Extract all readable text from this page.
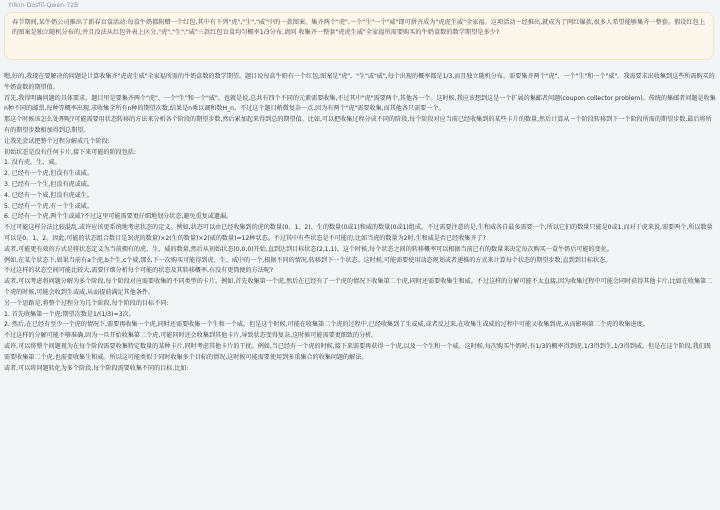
Yilkin-Dosfil-Qwen-72B
春节期间,某牛奶公司推出了新春盲盒活动:每盒牛奶都附赠一个红包,其中有下列"虎","生","威"中的一款图案。集齐两个"虎",一个"生"一个"威"即可拼齐成为"虎虎生威"全家福。这项活动一经推出,就成为了网红爆款,很多人希望能够集齐一整套。假设红包上的图案是独立随机分布的,并且没法从红包外表上区分,"虎","生","威"三款红包盲盒均匀概率1/3分布,请问 收集齐一整套"虎虎生威"全家福所需要购买的牛奶盒数的数学期望是多少?

嗯,好的,我现在要解决的问题是计算收集齐"虎虎生威"全家福所需的牛奶盒数的数学期望。题目说每盒牛奶有一个红包,图案是"虎"、"生"或"威",每个出现的概率都是1/3,而且独立随机分布。需要集齐两个"虎"、一个"生"和一个"威"。我需要求出收集到这些所需购买的牛奶盒数的期望值。

首先,我得明确问题的具体要求。题目里是要集齐两个"虎"、一个"生"和一个"威"。也就是说,总共有四个不同的元素需要收集,不过其中"虎"需要两个,其他各一个。这时候,我应该想到这是一个扩展的集邮者问题(coupon collector problem)。传统的集邮者问题是收集n种不同的邮票,每种等概率出现,求收集全所有n种的期望次数,结果是n乘以调和数H_n。不过这个题目稍微复杂一点,因为有两个"虎"需要收集,而其他各只需要一个。

那这个时候该怎么处理呢?可能需要用状态转移的方法来分析各个阶段的期望步数,然后累加起来得到总的期望值。比如,可以把收集过程分成不同的阶段,每个阶段对应当前已经收集到的某些卡片的数量,然后计算从一个阶段转移到下一个阶段所需的期望步数,最后将所有的期望步数相加得到总期望。

让我先尝试把整个过程分解成几个阶段:

初始状态是没有任何卡片,接下来可能的阶段包括:

1. 没有虎、生、威。

2. 已经有一个虎,但没有生或威。

3. 已经有一个生,但没有虎或威。

4. 已经有一个威,但没有虎或生。

5. 已经有一个虎,有一个生或威。

6. 已经有一个虎,两个生或威?不过这里可能需要更仔细地划分状态,避免重复或遗漏。

不过可能这样分法比较混乱,或许应该更系统地考虑状态的定义。例如,状态可以由已经收集到的虎的数量(0、1、2)、生的数量(0或1)和威的数量(0或1)组成。不过需要注意的是,生和威各自最多需要一个,所以它们的数量只能是0或1,而对于虎来说,需要两个,所以数量可以是0、1、2。因此,可能的状态组合数目是3(虎的数量)×2(生的数量)×2(威的数量)=12种状态。不过其中有些状态是不可能的,比如当虎的数量为2时,生和威是否已经收集齐了?

或者,可能更有效的方式是将状态定义为当前拥有的虎、生、威的数量,然后从初始状态(0,0,0)开始,直到达到目标状态(2,1,1)。这个时候,每个状态之间的转移概率可以根据当前已有的数量来决定每次购买一盒牛奶后可能的变化。

例如,在某个状态下,如果当前有a个虎,b个生,c个威,那么下一次购买可能得到虎、生、威中的一个,根据不同的情况,转移到下一个状态。这时候,可能需要使用动态规划或者递推的方式来计算每个状态的期望步数,直到到目标状态。

不过这样的状态空间可能比较大,需要仔细分析每个可能的状态及其转移概率,有没有更简便的方法呢?

或者,可以考虑将问题分解为多个阶段,每个阶段对应需要收集的不同类型的卡片。例如,首先收集第一个虎,然后在已经有了一个虎的情况下收集第二个虎,同时还需要收集生和威。不过这样的分解可能不太直接,因为收集过程中可能会同时获得其他卡片,比如在收集第二个虎的时候,可能会收到生或威,从而提前满足其他条件。

另一个思路是,将整个过程分为几个阶段,每个阶段的目标不同:

1. 首先收集第一个虎:期望次数是1/(1/3)=3次。

2. 然后,在已经有至少一个虎的情况下,需要再收集一个虎,同时还需要收集一个生和一个威。但是这个时候,可能在收集第二个虎的过程中,已经收集到了生或威,或者反过来,在收集生或威的过程中可能又收集到虎,从而影响第二个虎的收集进度。

不过这样的分解可能不够准确,因为一旦开始收集第二个虎,可能同时还会收集到其他卡片,导致状态变得复杂,这时候可能需要更细致的分析。

或许,可以将整个问题视为在每个阶段需要收集特定数量的某种卡片,同时考虑其他卡片的干扰。例如,当已经有一个虎的时候,接下来需要再获得一个虎,以及一个生和一个威。这时候,每次购买牛奶时,有1/3的概率得到虎,1/3得到生,1/3得到威。但是在这个阶段,我们既需要收集第二个虎,也需要收集生和威。所以这可能类似于同时收集多个目标的情况,这时候可能需要使用到多重集合的收集问题的解法。

或者,可以将问题转化为多个阶段,每个阶段需要收集不同的目标,比如:
